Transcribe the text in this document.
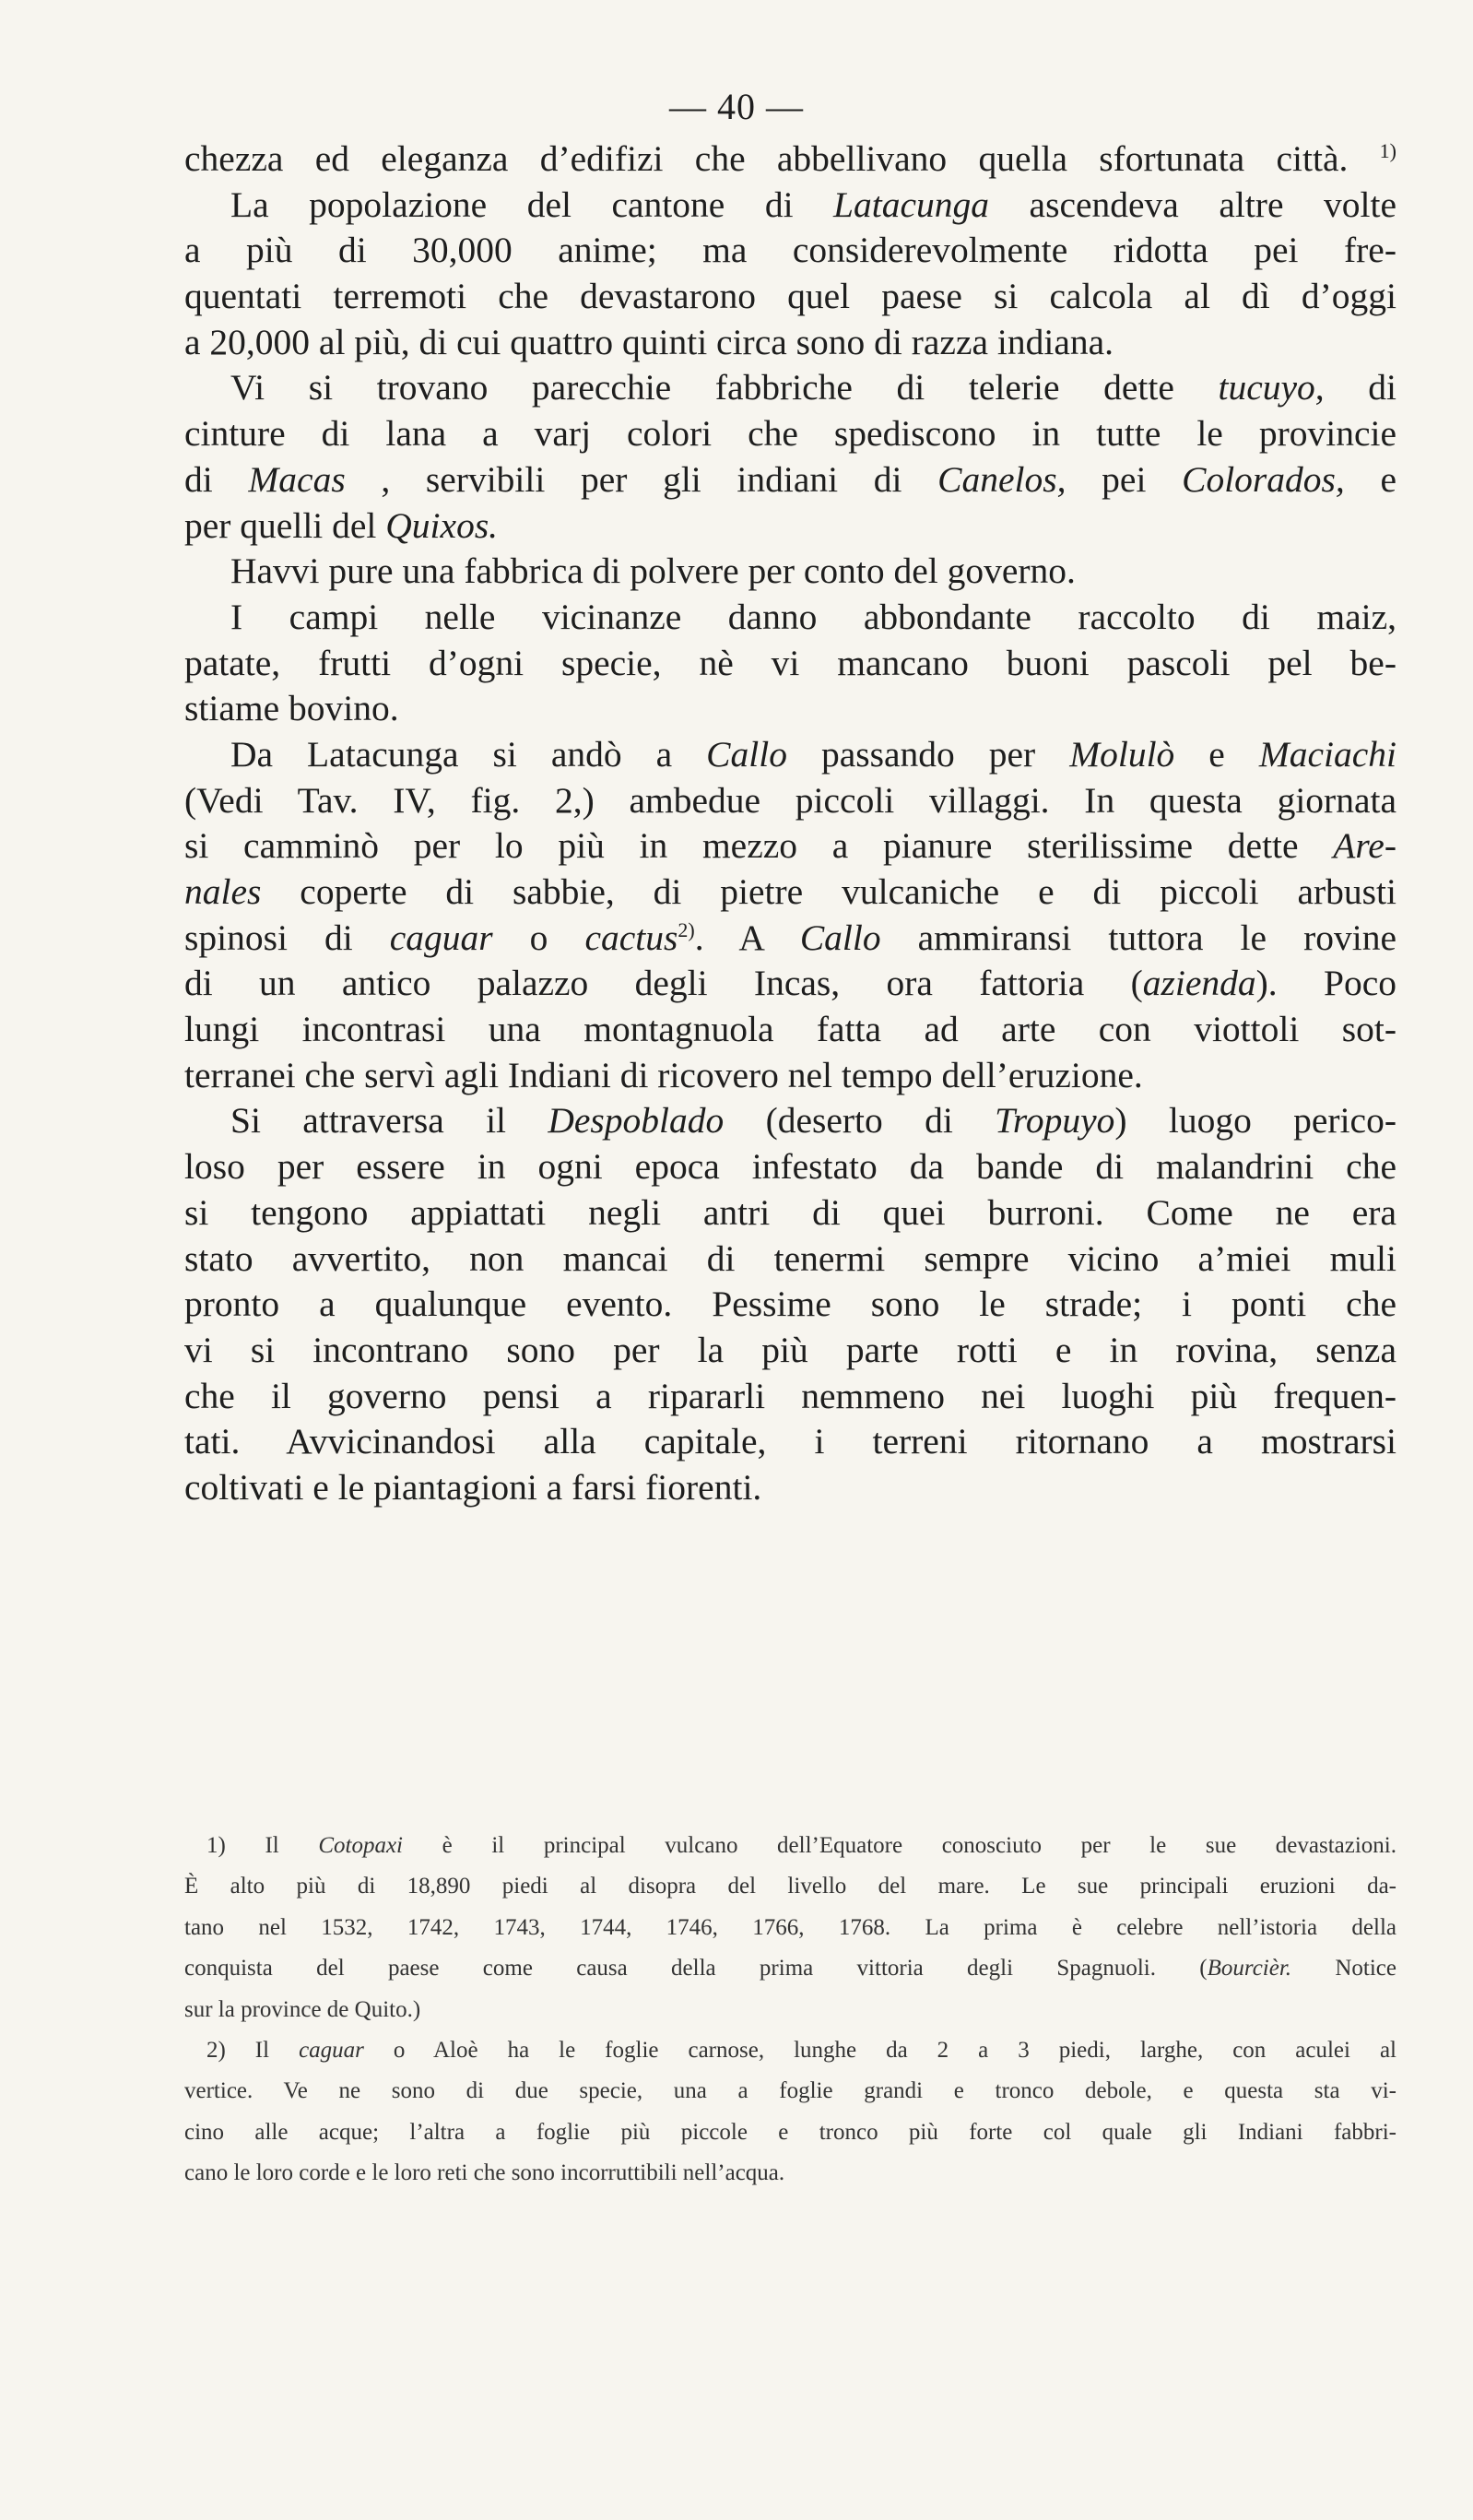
— 40 —
chezza ed eleganza d’edifizi che abbellivano quella sfortunata città. $^{1)}$
La popolazione del cantone di Latacunga ascendeva altre volte
a più di 30,000 anime; ma considerevolmente ridotta pei fre-
quentati terremoti che devastarono quel paese si calcola al dì d’oggi
a 20,000 al più, di cui quattro quinti circa sono di razza indiana.
Vi si trovano parecchie fabbriche di telerie dette tucuyo, di
cinture di lana a varj colori che spediscono in tutte le provincie
di Macas , servibili per gli indiani di Canelos, pei Colorados, e
per quelli del Quixos.
Havvi pure una fabbrica di polvere per conto del governo.
I campi nelle vicinanze danno abbondante raccolto di maiz,
patate, frutti d’ogni specie, nè vi mancano buoni pascoli pel be-
stiame bovino.
Da Latacunga si andò a Callo passando per Molulò e Maciachi
(Vedi Tav. IV, fig. 2,) ambedue piccoli villaggi. In questa giornata
si camminò per lo più in mezzo a pianure sterilissime dette Are-
nales coperte di sabbie, di pietre vulcaniche e di piccoli arbusti
spinosi di caguar o cactus$^{2)}$. A Callo ammiransi tuttora le rovine
di un antico palazzo degli Incas, ora fattoria (azienda). Poco
lungi incontrasi una montagnuola fatta ad arte con viottoli sot-
terranei che servì agli Indiani di ricovero nel tempo dell’eruzione.
Si attraversa il Despoblado (deserto di Tropuyo) luogo perico-
loso per essere in ogni epoca infestato da bande di malandrini che
si tengono appiattati negli antri di quei burroni. Come ne era
stato avvertito, non mancai di tenermi sempre vicino a’miei muli
pronto a qualunque evento. Pessime sono le strade; i ponti che
vi si incontrano sono per la più parte rotti e in rovina, senza
che il governo pensi a ripararli nemmeno nei luoghi più frequen-
tati. Avvicinandosi alla capitale, i terreni ritornano a mostrarsi
coltivati e le piantagioni a farsi fiorenti.
1) Il Cotopaxi è il principal vulcano dell’Equatore conosciuto per le sue devastazioni.
È alto più di 18,890 piedi al disopra del livello del mare. Le sue principali eruzioni da-
tano nel 1532, 1742, 1743, 1744, 1746, 1766, 1768. La prima è celebre nell’istoria della
conquista del paese come causa della prima vittoria degli Spagnuoli. (Bourcièr. Notice
sur la province de Quito.)
2) Il caguar o Aloè ha le foglie carnose, lunghe da 2 a 3 piedi, larghe, con aculei al
vertice. Ve ne sono di due specie, una a foglie grandi e tronco debole, e questa sta vi-
cino alle acque; l’altra a foglie più piccole e tronco più forte col quale gli Indiani fabbri-
cano le loro corde e le loro reti che sono incorruttibili nell’acqua.
